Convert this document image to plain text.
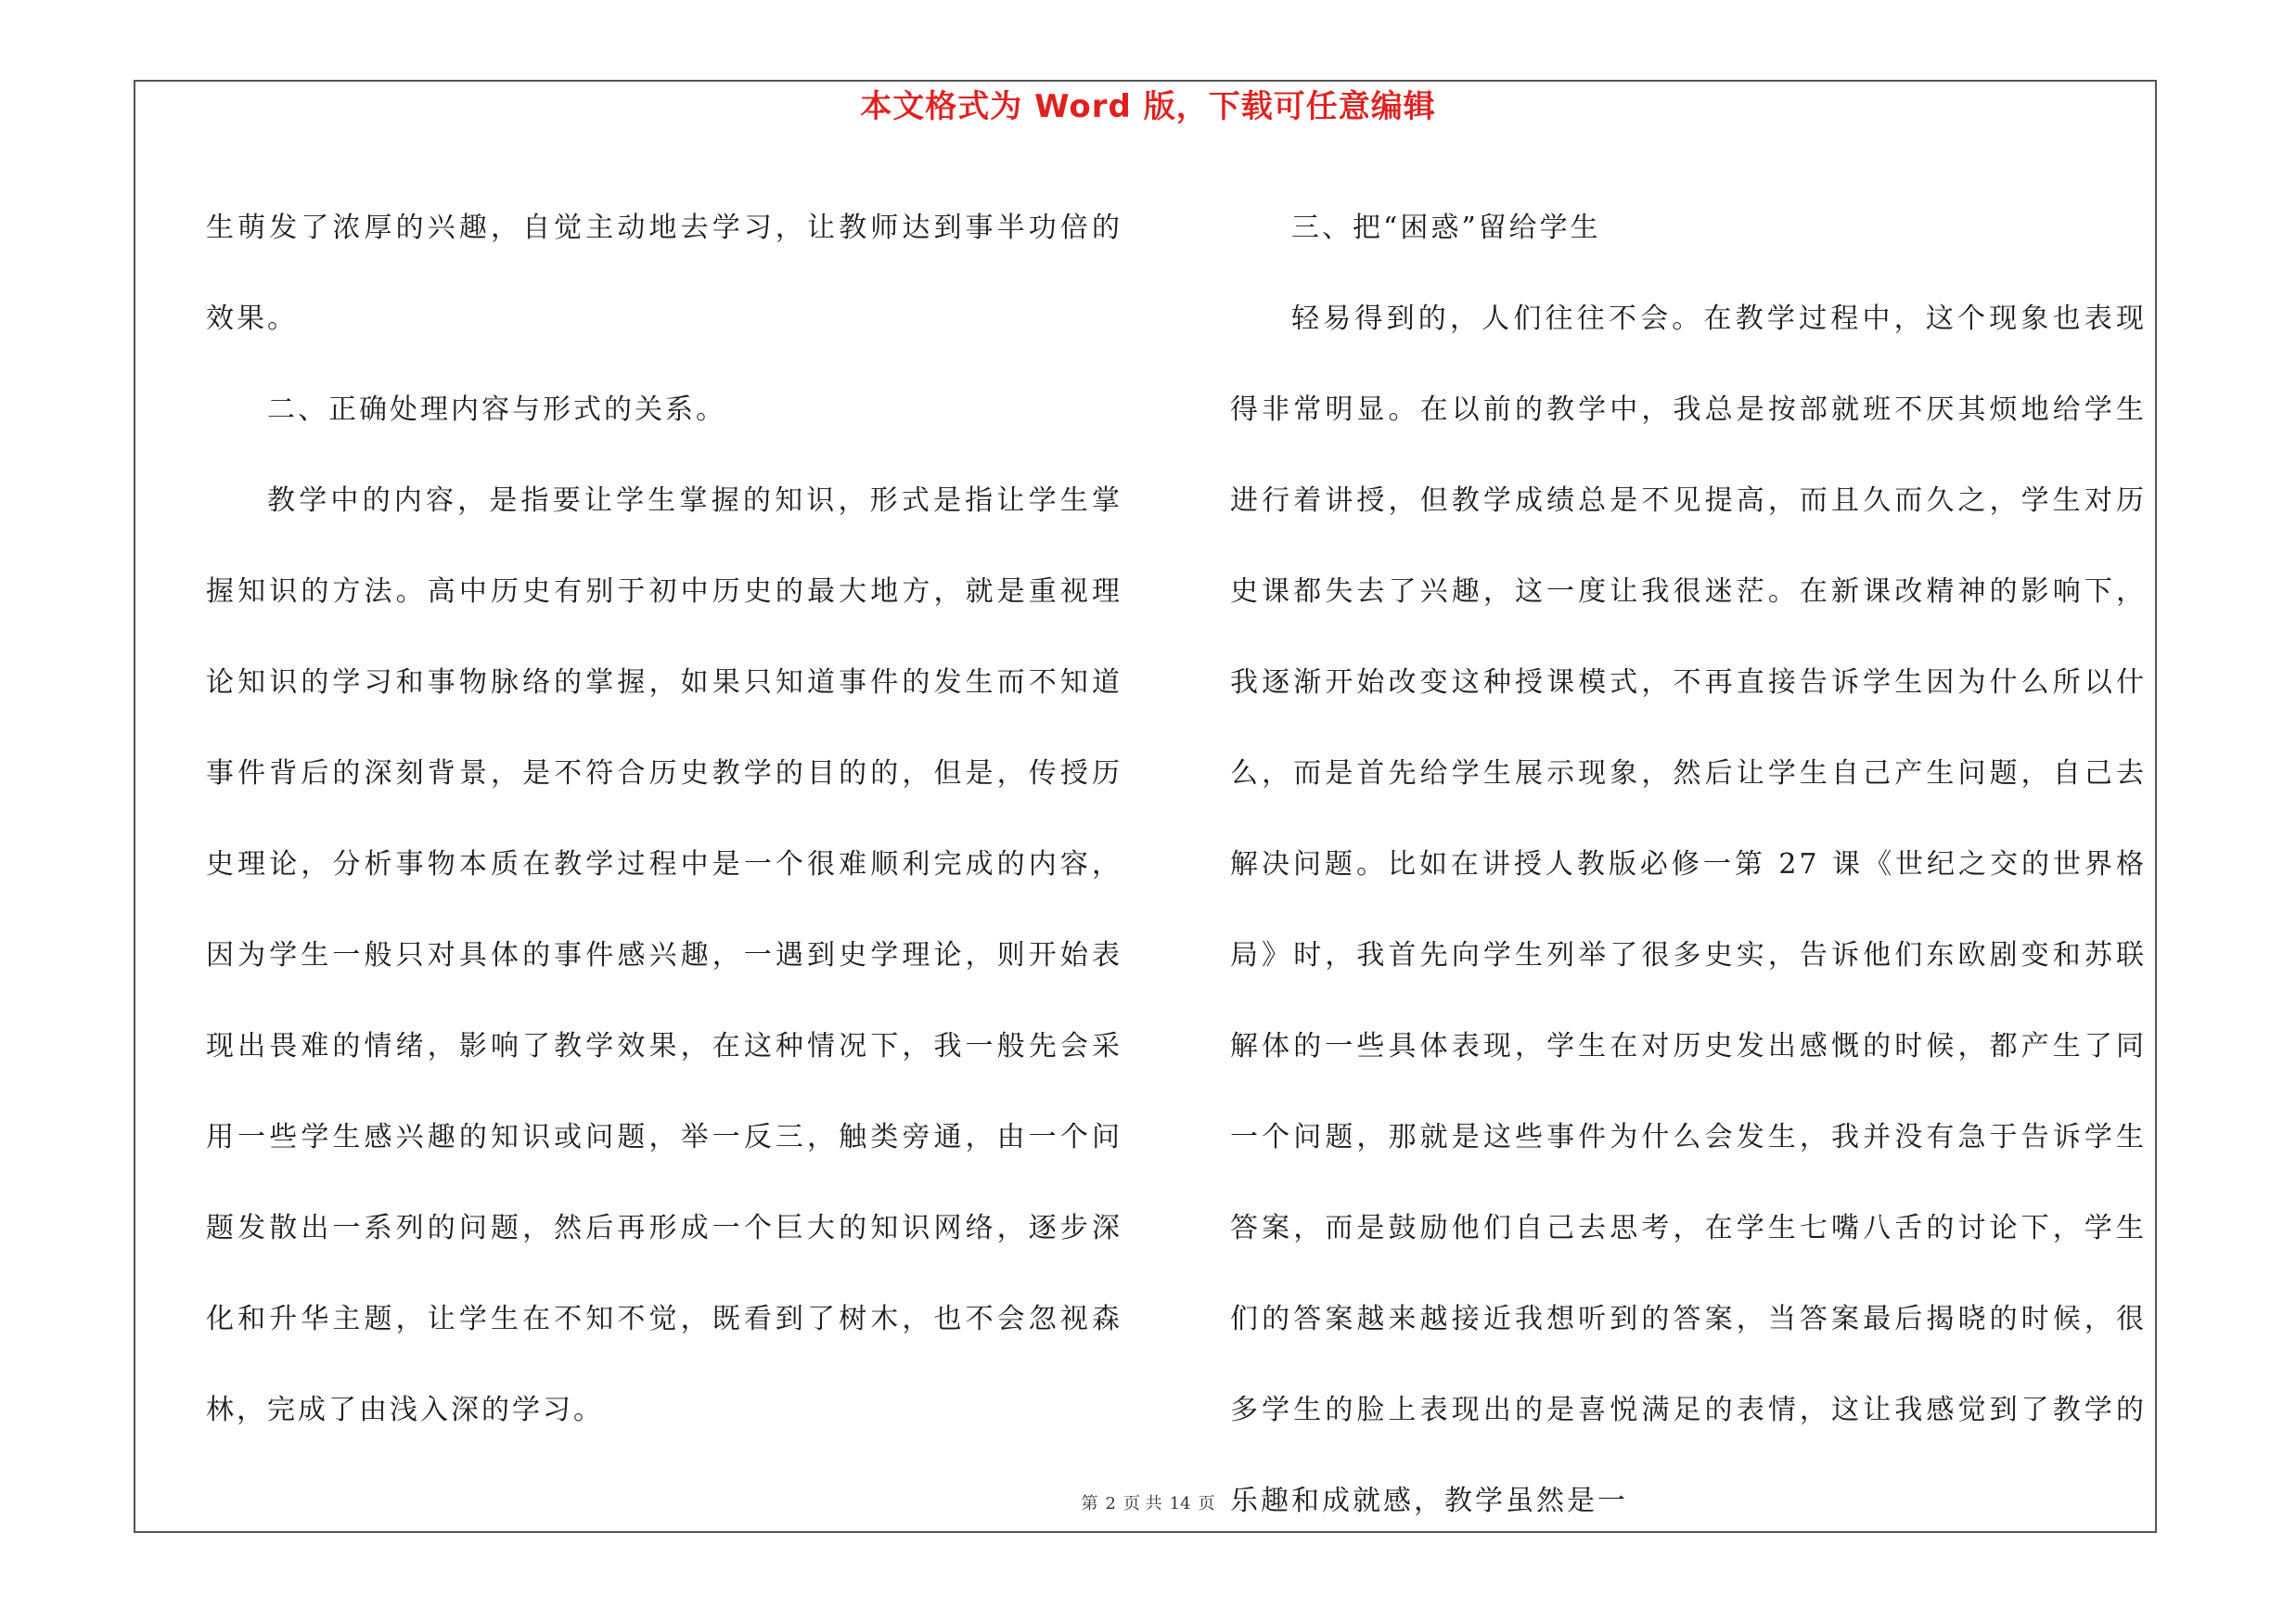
本文格式为 Word 版，下载可任意编辑

生萌发了浓厚的兴趣，自觉主动地去学习，让教师达到事半功倍的效果。

二、正确处理内容与形式的关系。

教学中的内容，是指要让学生掌握的知识，形式是指让学生掌握知识的方法。高中历史有别于初中历史的最大地方，就是重视理论知识的学习和事物脉络的掌握，如果只知道事件的发生而不知道事件背后的深刻背景，是不符合历史教学的目的的，但是，传授历史理论，分析事物本质在教学过程中是一个很难顺利完成的内容，因为学生一般只对具体的事件感兴趣，一遇到史学理论，则开始表现出畏难的情绪，影响了教学效果，在这种情况下，我一般先会采用一些学生感兴趣的知识或问题，举一反三，触类旁通，由一个问题发散出一系列的问题，然后再形成一个巨大的知识网络，逐步深化和升华主题，让学生在不知不觉，既看到了树木，也不会忽视森林，完成了由浅入深的学习。

三、把“困惑”留给学生

轻易得到的，人们往往不会。在教学过程中，这个现象也表现得非常明显。在以前的教学中，我总是按部就班不厌其烦地给学生进行着讲授，但教学成绩总是不见提高，而且久而久之，学生对历史课都失去了兴趣，这一度让我很迷茫。在新课改精神的影响下，我逐渐开始改变这种授课模式，不再直接告诉学生因为什么所以什么，而是首先给学生展示现象，然后让学生自己产生问题，自己去解决问题。比如在讲授人教版必修一第 27 课《世纪之交的世界格局》时，我首先向学生列举了很多史实，告诉他们东欧剧变和苏联解体的一些具体表现，学生在对历史发出感慨的时候，都产生了同一个问题，那就是这些事件为什么会发生，我并没有急于告诉学生答案，而是鼓励他们自己去思考，在学生七嘴八舌的讨论下，学生们的答案越来越接近我想听到的答案，当答案最后揭晓的时候，很多学生的脸上表现出的是喜悦满足的表情，这让我感觉到了教学的乐趣和成就感，教学虽然是一

第 2 页 共 14 页
